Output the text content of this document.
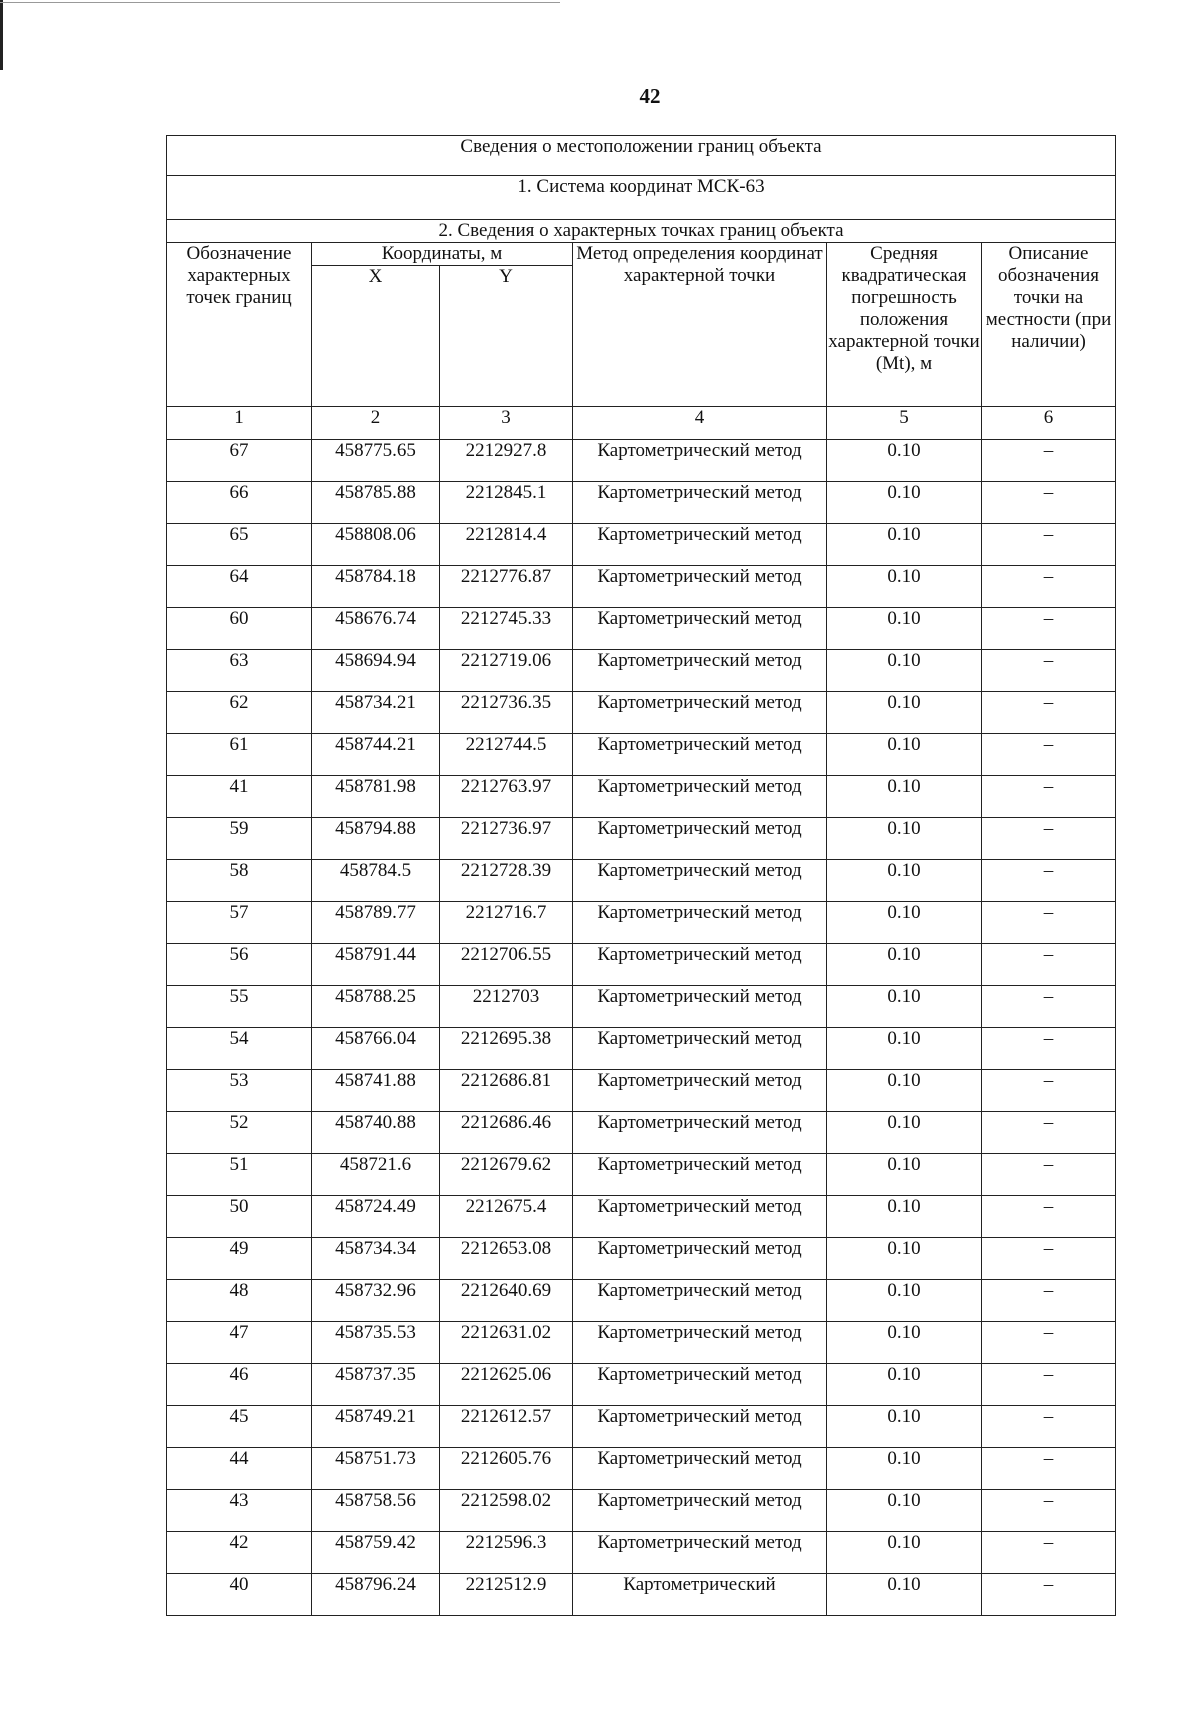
42
Сведения о местоположении границ объекта					
1. Система координат МСК-63					
2. Сведения о характерных точках границ объекта					
Обозначение характерных точек границ	Координаты, м		Метод определения координат характерной точки	Средняя квадратическая погрешность положения характерной точки (Mt), м	Описание обозначения точки на местности (при наличии)
	X	Y			
1	2	3	4	5	6
67	458775.65	2212927.8	Картометрический метод	0.10	–
66	458785.88	2212845.1	Картометрический метод	0.10	–
65	458808.06	2212814.4	Картометрический метод	0.10	–
64	458784.18	2212776.87	Картометрический метод	0.10	–
60	458676.74	2212745.33	Картометрический метод	0.10	–
63	458694.94	2212719.06	Картометрический метод	0.10	–
62	458734.21	2212736.35	Картометрический метод	0.10	–
61	458744.21	2212744.5	Картометрический метод	0.10	–
41	458781.98	2212763.97	Картометрический метод	0.10	–
59	458794.88	2212736.97	Картометрический метод	0.10	–
58	458784.5	2212728.39	Картометрический метод	0.10	–
57	458789.77	2212716.7	Картометрический метод	0.10	–
56	458791.44	2212706.55	Картометрический метод	0.10	–
55	458788.25	2212703	Картометрический метод	0.10	–
54	458766.04	2212695.38	Картометрический метод	0.10	–
53	458741.88	2212686.81	Картометрический метод	0.10	–
52	458740.88	2212686.46	Картометрический метод	0.10	–
51	458721.6	2212679.62	Картометрический метод	0.10	–
50	458724.49	2212675.4	Картометрический метод	0.10	–
49	458734.34	2212653.08	Картометрический метод	0.10	–
48	458732.96	2212640.69	Картометрический метод	0.10	–
47	458735.53	2212631.02	Картометрический метод	0.10	–
46	458737.35	2212625.06	Картометрический метод	0.10	–
45	458749.21	2212612.57	Картометрический метод	0.10	–
44	458751.73	2212605.76	Картометрический метод	0.10	–
43	458758.56	2212598.02	Картометрический метод	0.10	–
42	458759.42	2212596.3	Картометрический метод	0.10	–
40	458796.24	2212512.9	Картометрический	0.10	–
